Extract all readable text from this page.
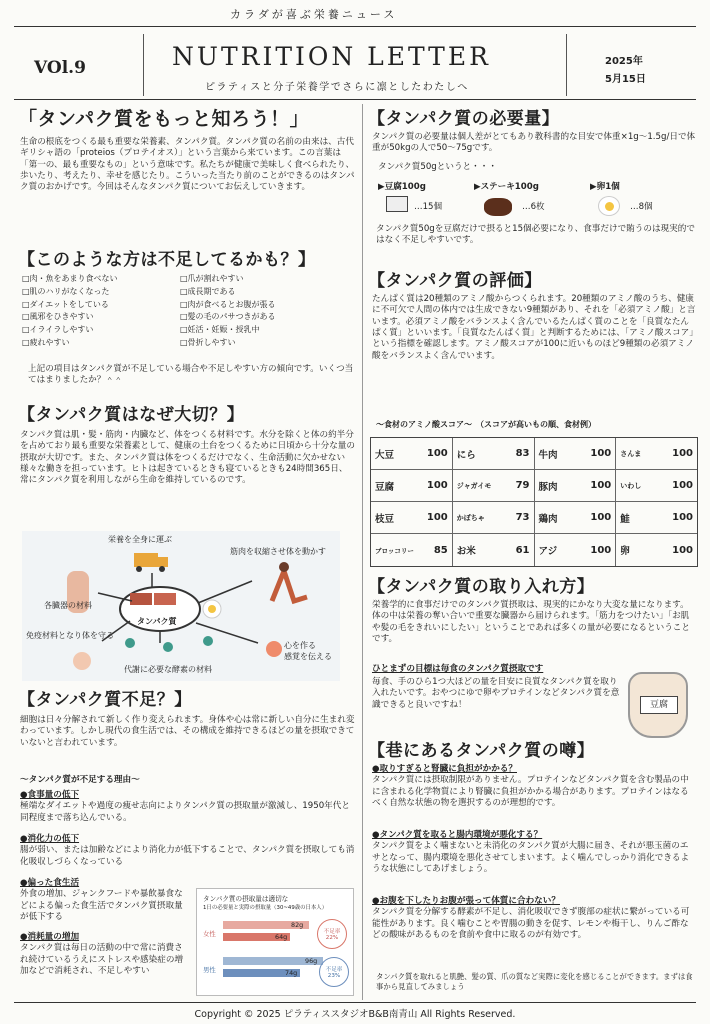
カラダが喜ぶ栄養ニュース
VOl.9	NUTRITION LETTER
ピラティスと分子栄養学でさらに凛としたわたしへ
2025年
5月15日
「タンパク質をもっと知ろう！」
生命の根底をつくる最も重要な栄養素、タンパク質。タンパク質の名前の由来は、古代ギリシャ語の「proteios（プロテイオス）」という言葉から来ています。この言葉は「第一の、最も重要なもの」という意味です。私たちが健康で美味しく食べられたり、歩いたり、考えたり、幸せを感じたり。こういった当たり前のことができるのはタンパク質のおかげです。今回はそんなタンパク質についてお伝えしていきます。
【このような方は不足してるかも？】
□肉・魚をあまり食べない
□肌のハリがなくなった
□ダイエットをしている
□風邪をひきやすい
□イライラしやすい
□疲れやすい
□爪が割れやすい
□成長期である
□肉が食べるとお腹が張る
□髪の毛のパサつきがある
□妊活・妊娠・授乳中
□骨折しやすい
上記の項目はタンパク質が不足している場合や不足しやすい方の傾向です。いくつ当てはまりましたか？＾＾
【タンパク質はなぜ大切？】
タンパク質は肌・髪・筋肉・内臓など、体をつくる材料です。水分を除くと体の約半分を占めており最も重要な栄養素として、健康の土台をつくるために日頃から十分な量の摂取が大切です。また、タンパク質は体をつくるだけでなく、生命活動に欠かせない様々な働きを担っています。ヒトは起きているときも寝ているときも24時間365日、常にタンパク質を利用しながら生命を維持しているのです。
栄養を全身に運ぶ
筋肉を収縮させ体を動かす
各臓器の材料
タンパク質
免疫材料となり体を守る
心を作る
感覚を伝える
代謝に必要な酵素の材料
【タンパク質不足？】
細胞は日々分解されて新しく作り変えられます。身体や心は常に新しい自分に生まれ変わっています。しかし現代の食生活では、その構成を維持できるほどの量を摂取できていないと言われています。
〜タンパク質が不足する理由〜
●食事量の低下
極端なダイエットや過度の痩せ志向によりタンパク質の摂取量が激減し、1950年代と同程度まで落ち込んでいる。
●消化力の低下
腸が弱い、または加齢などにより消化力が低下することで、タンパク質を摂取しても消化吸収しづらくなっている
●偏った食生活
外食の増加、ジャンクフードや暴飲暴食などによる偏った食生活でタンパク質摂取量が低下する
●消耗量の増加
タンパク質は毎日の活動の中で常に消費され続けているうえにストレスや感染症の増加などで消耗され、不足しやすい
タンパク質の摂取量は適切な
1日の必要量と実際の摂取量（30~49歳の日本人）
女性
男性
82g
64g
96g
74g
不足率
22%
不足率
23%
【タンパク質の必要量】
タンパク質の必要量は個人差がとてもあり教科書的な目安で体重×1g〜1.5g/日で体重が50kgの人で50〜75gです。
タンパク質50gというと・・・
▶豆腐100g	▶ステーキ100g	▶卵1個
…15個	…6枚	…8個
タンパク質50gを豆腐だけで摂ると15個必要になり、食事だけで賄うのは現実的ではなく不足しやすいです。
【タンパク質の評価】
たんぱく質は20種類のアミノ酸からつくられます。20種類のアミノ酸のうち、健康に不可欠で人間の体内では生成できない9種類があり、それを「必須アミノ酸」と言います。必須アミノ酸をバランスよく含んでいるたんぱく質のことを「良質なたんぱく質」といいます。「良質なたんぱく質」と判断するためには、「アミノ酸スコア」という指標を確認します。アミノ酸スコアが100に近いものほど9種類の必須アミノ酸をバランスよく含んでいます。
〜食材のアミノ酸スコア〜　（スコアが高いもの順、食材例）
大豆	100 にら	83 牛肉	100 さんま	100
豆腐	100 ジャガイモ 79 豚肉	100 いわし	100
枝豆	100 かぼちゃ	73 鶏肉	100 鮭	100
ブロッコリー 85 お米	61 アジ	100 卵	100
【タンパク質の取り入れ方】
栄養学的に食事だけでのタンパク質摂取は、現実的にかなり大変な量になります。体の中は栄養の奪い合いで重要な臓器から届けられます。「筋力をつけたい」「お肌や髪の毛をきれいにしたい」ということであれば多くの量が必要になるということです。
ひとまずの目標は毎食のタンパク質摂取です
毎食、手のひら1つ大ほどの量を目安に良質なタンパク質を取り入れたいです。おやつにゆで卵やプロテインなどタンパク質を意識できると良いですね！	豆腐
【巷にあるタンパク質の噂】
●取りすぎると腎臓に負担がかかる？
タンパク質には摂取制限がありません。プロテインなどタンパク質を含む製品の中に含まれる化学物質により腎臓に負担がかかる場合があります。プロテインはなるべく自然な状態の物を選択するのが理想的です。
●タンパク質を取ると腸内環境が悪化する？
タンパク質をよく噛まないと未消化のタンパク質が大腸に届き、それが悪玉菌のエサとなって、腸内環境を悪化させてしまいます。よく噛んでしっかり消化できるような状態にしてあげましょう。
●お腹を下したりお腹が張って体質に合わない？
タンパク質を分解する酵素が不足し、消化吸収できず腹部の症状に繋がっている可能性があります。良く噛むことや胃腸の動きを促す、レモンや梅干し、りんご酢などの酸味があるものを食前や食中に取るのが有効です。
タンパク質を取れると肌艶、髪の質、爪の質など実際に変化を感じることができます。まずは食事から見直してみましょう
Copyright © 2025 ピラティススタジオB&B南青山 All Rights Reserved.
